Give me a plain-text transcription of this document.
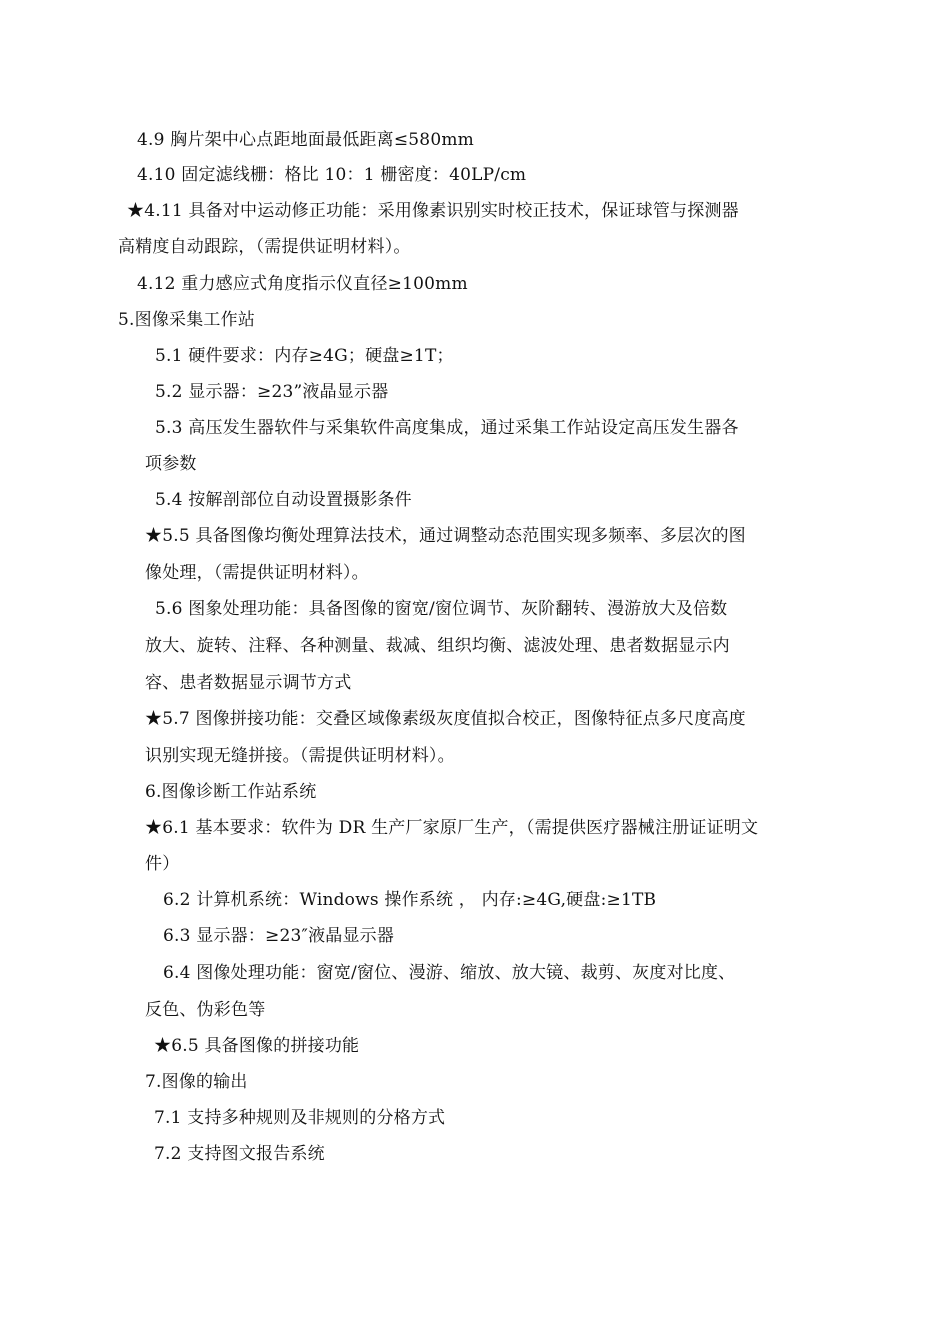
4.9 胸片架中心点距地面最低距离≤580mm
4.10 固定滤线栅：格比 10：1 栅密度：40LP/cm
★4.11 具备对中运动修正功能：采用像素识别实时校正技术，保证球管与探测器
高精度自动跟踪，（需提供证明材料）。
4.12 重力感应式角度指示仪直径≥100mm
5.图像采集工作站
5.1 硬件要求：内存≥4G；硬盘≥1T；
5.2 显示器：≥23”液晶显示器
5.3 高压发生器软件与采集软件高度集成，通过采集工作站设定高压发生器各
项参数
5.4 按解剖部位自动设置摄影条件
★5.5 具备图像均衡处理算法技术，通过调整动态范围实现多频率、多层次的图
像处理，（需提供证明材料）。
5.6 图象处理功能：具备图像的窗宽/窗位调节、灰阶翻转、漫游放大及倍数
放大、旋转、注释、各种测量、裁减、组织均衡、滤波处理、患者数据显示内
容、患者数据显示调节方式
★5.7 图像拼接功能：交叠区域像素级灰度值拟合校正，图像特征点多尺度高度
识别实现无缝拼接。（需提供证明材料）。
6.图像诊断工作站系统
★6.1 基本要求：软件为 DR 生产厂家原厂生产，（需提供医疗器械注册证证明文
件）
6.2 计算机系统：Windows 操作系统 ， 内存:≥4G,硬盘:≥1TB
6.3 显示器：≥23″液晶显示器
6.4 图像处理功能：窗宽/窗位、漫游、缩放、放大镜、裁剪、灰度对比度、
反色、伪彩色等
★6.5 具备图像的拼接功能
7.图像的输出
7.1 支持多种规则及非规则的分格方式
7.2 支持图文报告系统
